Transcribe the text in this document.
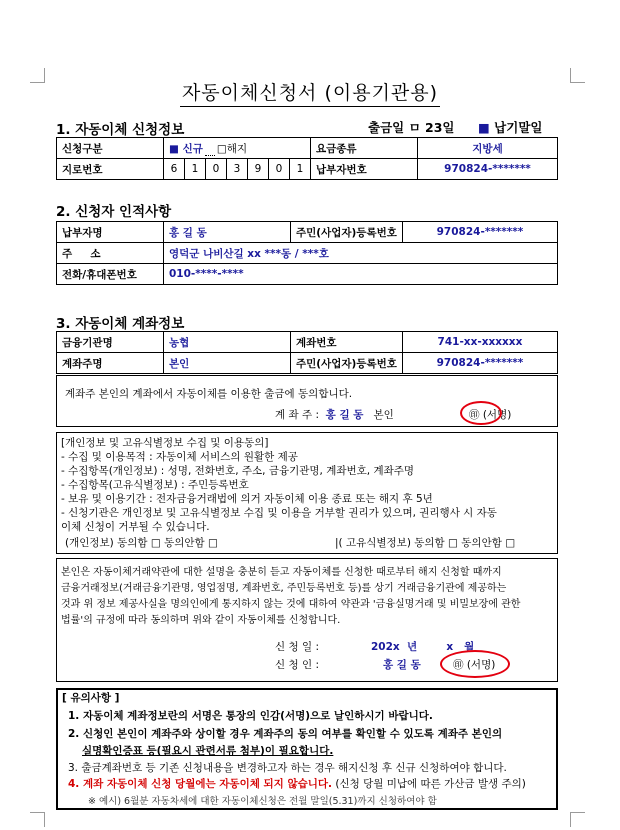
자동이체신청서 (이용기관용)
1. 자동이체 신청정보	출금일 ㅁ 23일 ■ 납기말일
신청구분	■ 신규 □해지							요금종류	지방세
지로번호	6	1	0	3	9	0	1	납부자번호	970824-*******
2. 신청자 인적사항
납부자명	홍 길 동	주민(사업자)등록번호	970824-*******
주     소	영덕군 나비산길 xx ***동 / ***호		
전화/휴대폰번호	010-****-****		
3. 자동이체 계좌정보
금융기관명	농협	계좌번호	741-xx-xxxxxx
계좌주명	본인	주민(사업자)등록번호	970824-*******
계좌주 본인의 계좌에서 자동이체를 이용한 출금에 동의합니다.
계 좌 주 : 홍 길 동 본인	㊞ (서명)
[개인정보 및 고유식별정보 수집 및 이용동의]
- 수집 및 이용목적 : 자동이체 서비스의 원활한 제공
- 수집항목(개인정보) : 성명, 전화번호, 주소, 금융기관명, 계좌번호, 계좌주명
- 수집항목(고유식별정보) : 주민등록번호
- 보유 및 이용기간 : 전자금융거래법에 의거 자동이체 이용 종료 또는 해지 후 5년
- 신청기관은 개인정보 및 고유식별정보 수집 및 이용을 거부할 권리가 있으며, 권리행사 시 자동
이체 신청이 거부될 수 있습니다.
(개인정보) 동의함 □ 동의안함 □	|( 고유식별정보) 동의함 □ 동의안함 □
본인은 자동이체거래약관에 대한 설명을 충분히 듣고 자동이체를 신청한 때로부터 해지 신청할 때까지
금융거래정보(거래금융기관명, 영업점명, 계좌번호, 주민등록번호 등)를 상기 거래금융기관에 제공하는
것과 위 정보 제공사실을 명의인에게 통지하지 않는 것에 대하여 약관과 '금융실명거래 및 비밀보장에 관한
법률'의 규정에 따라 동의하며 위와 같이 자동이체를 신청합니다.
신 청 일 :	202x  년        x   월
신 청 인 :	홍 길 동	㊞ (서명)
[ 유의사항 ]
1. 자동이체 계좌정보란의 서명은 통장의 인감(서명)으로 날인하시기 바랍니다.
2. 신청인 본인이 계좌주와 상이할 경우 계좌주의 동의 여부를 확인할 수 있도록 계좌주 본인의
실명확인증표 등(필요시 관련서류 첨부)이 필요합니다.
3. 출금계좌번호 등 기존 신청내용을 변경하고자 하는 경우 해지신청 후 신규 신청하여야 합니다.
4. 계좌 자동이체 신청 당월에는 자동이체 되지 않습니다. (신청 당월 미납에 따른 가산금 발생 주의)
※ 예시) 6월분 자동차세에 대한 자동이체신청은 전월 말일(5.31)까지 신청하여야 함
